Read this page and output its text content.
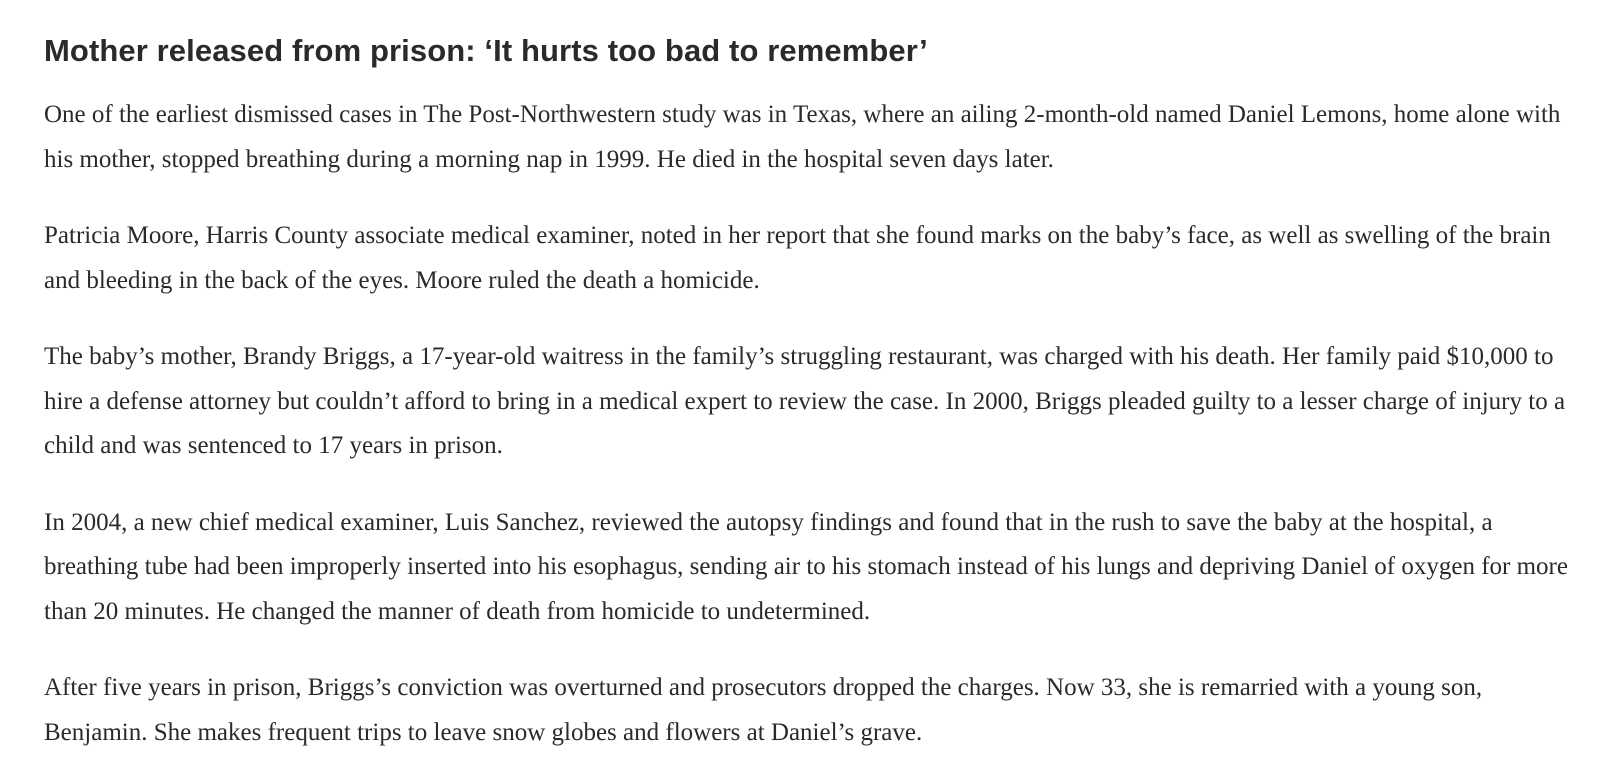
Mother released from prison: ‘It hurts too bad to remember’

One of the earliest dismissed cases in The Post-Northwestern study was in Texas, where an ailing 2-month-old named Daniel Lemons, home alone with his mother, stopped breathing during a morning nap in 1999. He died in the hospital seven days later.

Patricia Moore, Harris County associate medical examiner, noted in her report that she found marks on the baby’s face, as well as swelling of the brain and bleeding in the back of the eyes. Moore ruled the death a homicide.

The baby’s mother, Brandy Briggs, a 17-year-old waitress in the family’s struggling restaurant, was charged with his death. Her family paid $10,000 to hire a defense attorney but couldn’t afford to bring in a medical expert to review the case. In 2000, Briggs pleaded guilty to a lesser charge of injury to a child and was sentenced to 17 years in prison.

In 2004, a new chief medical examiner, Luis Sanchez, reviewed the autopsy findings and found that in the rush to save the baby at the hospital, a breathing tube had been improperly inserted into his esophagus, sending air to his stomach instead of his lungs and depriving Daniel of oxygen for more than 20 minutes. He changed the manner of death from homicide to undetermined.

After five years in prison, Briggs’s conviction was overturned and prosecutors dropped the charges. Now 33, she is remarried with a young son, Benjamin. She makes frequent trips to leave snow globes and flowers at Daniel’s grave.
